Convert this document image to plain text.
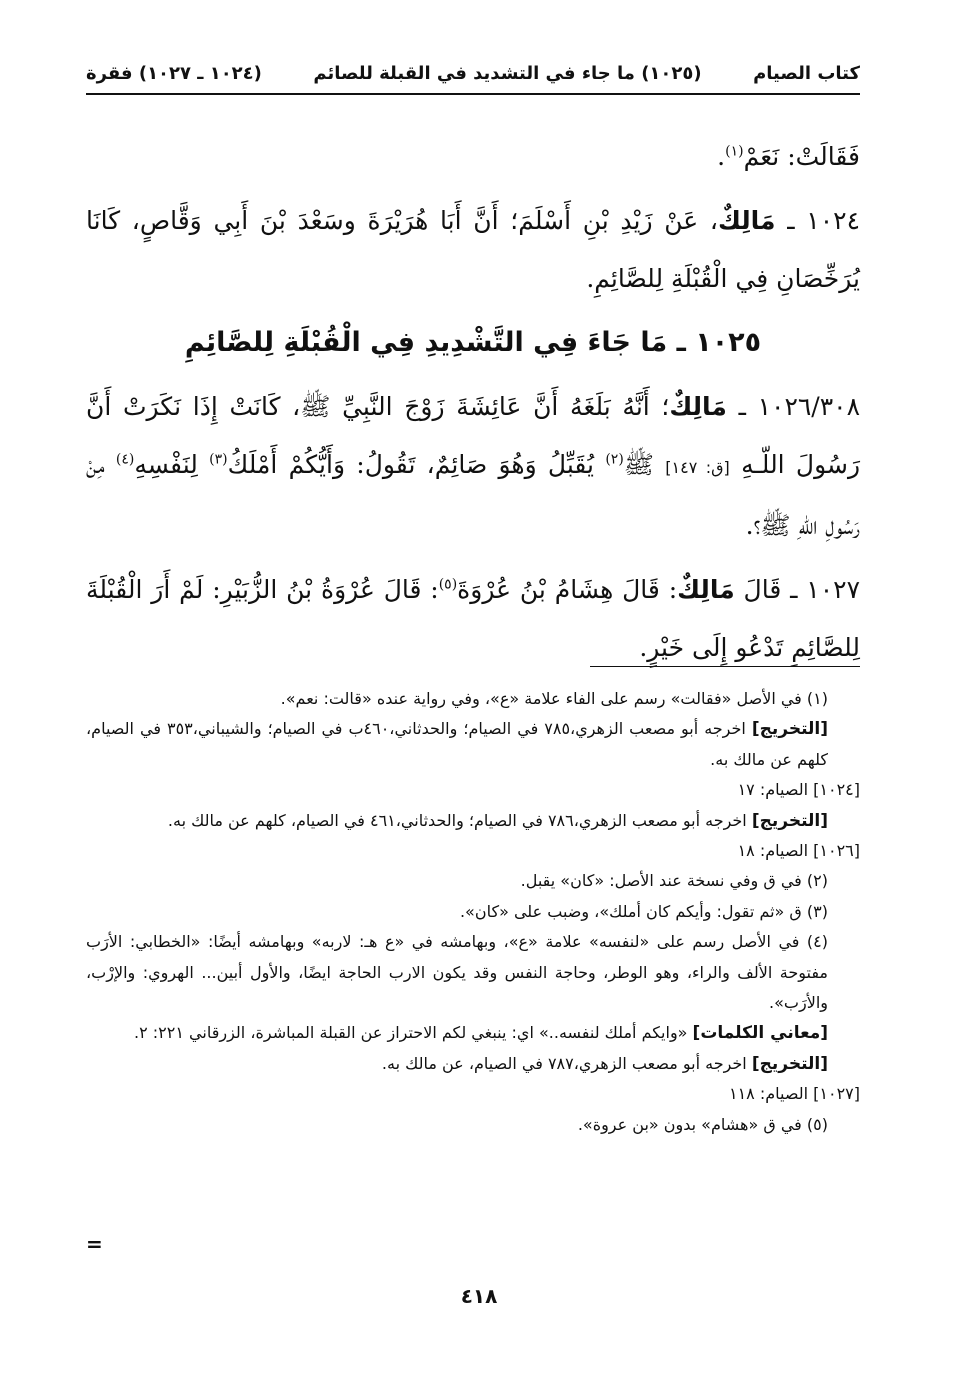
كتاب الصيام
(١٠٢٥) ما جاء في التشديد في القبلة للصائم
(١٠٢٤ ـ ١٠٢٧) فقرة

فَقَالَتْ: نَعَمْ$^{(١)}$.

١٠٢٤ ـ مَالِكٌ، عَنْ زَيْدِ بْنِ أَسْلَمَ؛ أَنَّ أَبَا هُرَيْرَةَ وسَعْدَ بْنَ أَبِي وَقَّاصٍ، كَانَا يُرَخِّصَانِ فِي الْقُبْلَةِ لِلصَّائِمِ.

١٠٢٥ ـ مَا جَاءَ فِي التَّشْدِيدِ فِي الْقُبْلَةِ لِلصَّائِمِ

١٠٢٦/٣٠٨ ـ مَالِكٌ؛ أَنَّهُ بَلَغَهُ أَنَّ عَائِشَةَ زَوْجَ النَّبِيِّ ﷺ، كَانَتْ إِذَا نَكَرَتْ أَنَّ رَسُولَ اللّـهِ [ق: ١٤٧] ﷺ$^{(٢)}$ يُقَبِّلُ وَهُوَ صَائِمٌ، تَقُولُ: وَأَيُّكُمْ أَمْلَكُ$^{(٣)}$ لِنَفْسِهِ$^{(٤)}$ مِنْ رَسُولِ اللّهِ ﷺ؟.

١٠٢٧ ـ قَالَ مَالِكٌ: قَالَ هِشَامُ بْنُ عُرْوَةَ$^{(٥)}$: قَالَ عُرْوَةُ بْنُ الزُّبَيْرِ: لَمْ أَرَ الْقُبْلَةَ لِلصَّائِمِ تَدْعُو إِلَى خَيْرٍ.

(١) في الأصل «فقالت» رسم على الفاء علامة «ع»، وفي رواية عنده «قالت: نعم».

[التخريج] اخرجه أبو مصعب الزهري،٧٨٥ في الصيام؛ والحدثاني،٤٦٠ب في الصيام؛ والشيباني،٣٥٣ في الصيام، كلهم عن مالك به.

[١٠٢٤] الصيام: ١٧

[التخريج] اخرجه أبو مصعب الزهري،٧٨٦ في الصيام؛ والحدثاني،٤٦١ في الصيام، كلهم عن مالك به.

[١٠٢٦] الصيام: ١٨

(٢) في ق وفي نسخة عند الأصل: «كان» يقبل.

(٣) ق «ثم تقول: وأيكم كان أملك»، وضبب على «كان».

(٤) في الأصل رسم على «لنفسه» علامة «ع»، وبهامشه في «ع هـ: لاربه» وبهامشه أيضًا: «الخطابي: الأرَب مفتوحة الألف والراء، وهو الوطر، وحاجة النفس وقد يكون الارب الحاجة ايضًا، والأول أبين... الهروي: والإرْب، والأرَب».

[معاني الكلمات] «وايكم أملك لنفسه..» اي: ينبغي لكم الاحتراز عن القبلة المباشرة، الزرقاني ٢٢١: ٢.

[التخريج] اخرجه أبو مصعب الزهري،٧٨٧ في الصيام، عن مالك به.

[١٠٢٧] الصيام: ١١٨

(٥) في ق «هشام» بدون «بن عروة».

=
٤١٨
